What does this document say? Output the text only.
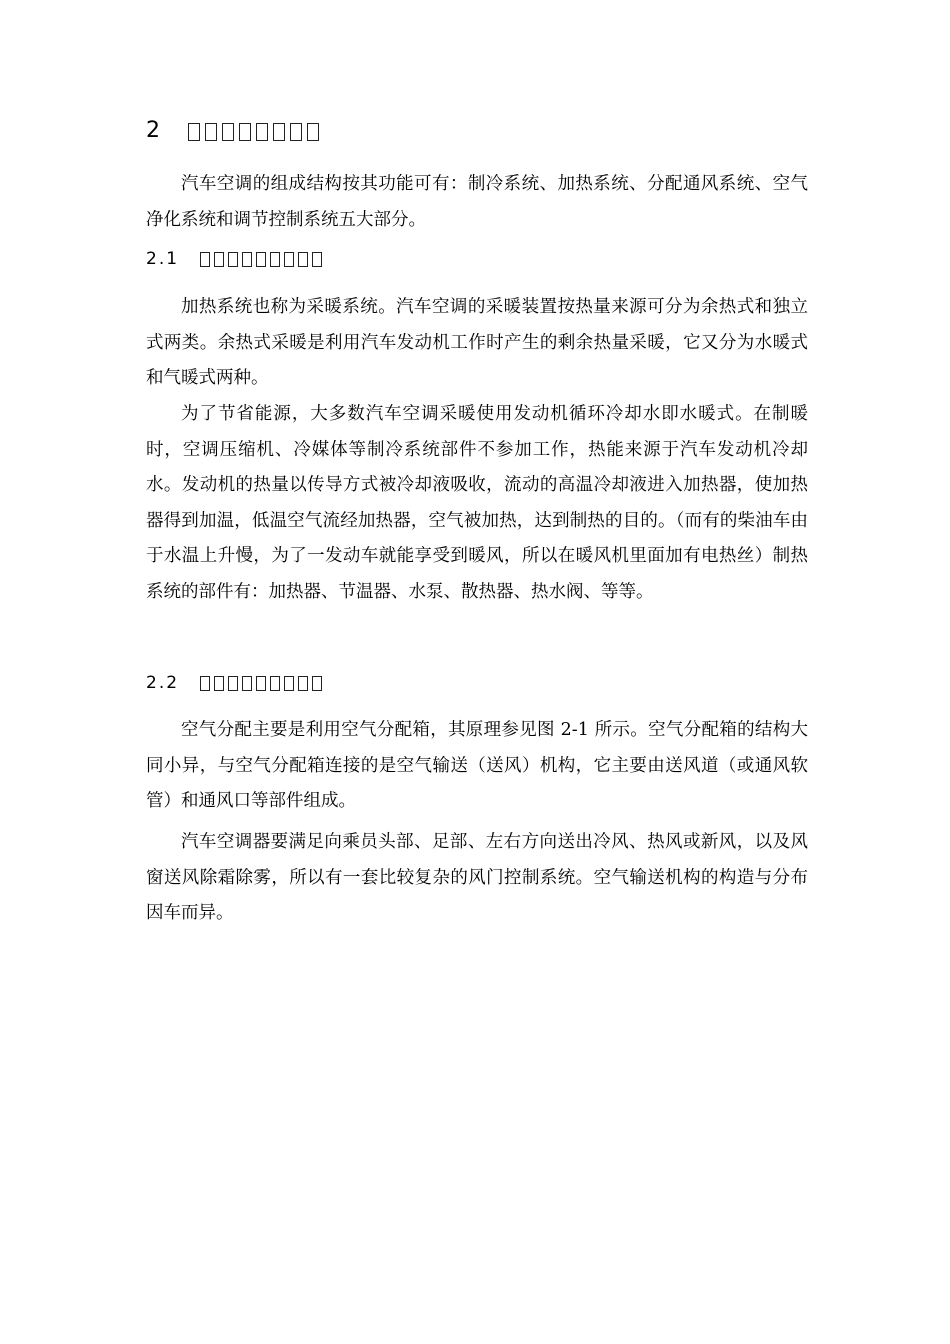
2

汽车空调的组成结构按其功能可有：制冷系统、加热系统、分配通风系统、空气净化系统和调节控制系统五大部分。

2.1

加热系统也称为采暖系统。汽车空调的采暖装置按热量来源可分为余热式和独立式两类。余热式采暖是利用汽车发动机工作时产生的剩余热量采暖，它又分为水暖式和气暖式两种。

为了节省能源，大多数汽车空调采暖使用发动机循环冷却水即水暖式。在制暖时，空调压缩机、冷媒体等制冷系统部件不参加工作，热能来源于汽车发动机冷却水。发动机的热量以传导方式被冷却液吸收，流动的高温冷却液进入加热器，使加热器得到加温，低温空气流经加热器，空气被加热，达到制热的目的。（而有的柴油车由于水温上升慢，为了一发动车就能享受到暖风，所以在暖风机里面加有电热丝）制热系统的部件有：加热器、节温器、水泵、散热器、热水阀、等等。

2.2

空气分配主要是利用空气分配箱，其原理参见图 2-1 所示。空气分配箱的结构大同小异，与空气分配箱连接的是空气输送（送风）机构，它主要由送风道（或通风软管）和通风口等部件组成。

汽车空调器要满足向乘员头部、足部、左右方向送出冷风、热风或新风，以及风窗送风除霜除雾，所以有一套比较复杂的风门控制系统。空气输送机构的构造与分布因车而异。
